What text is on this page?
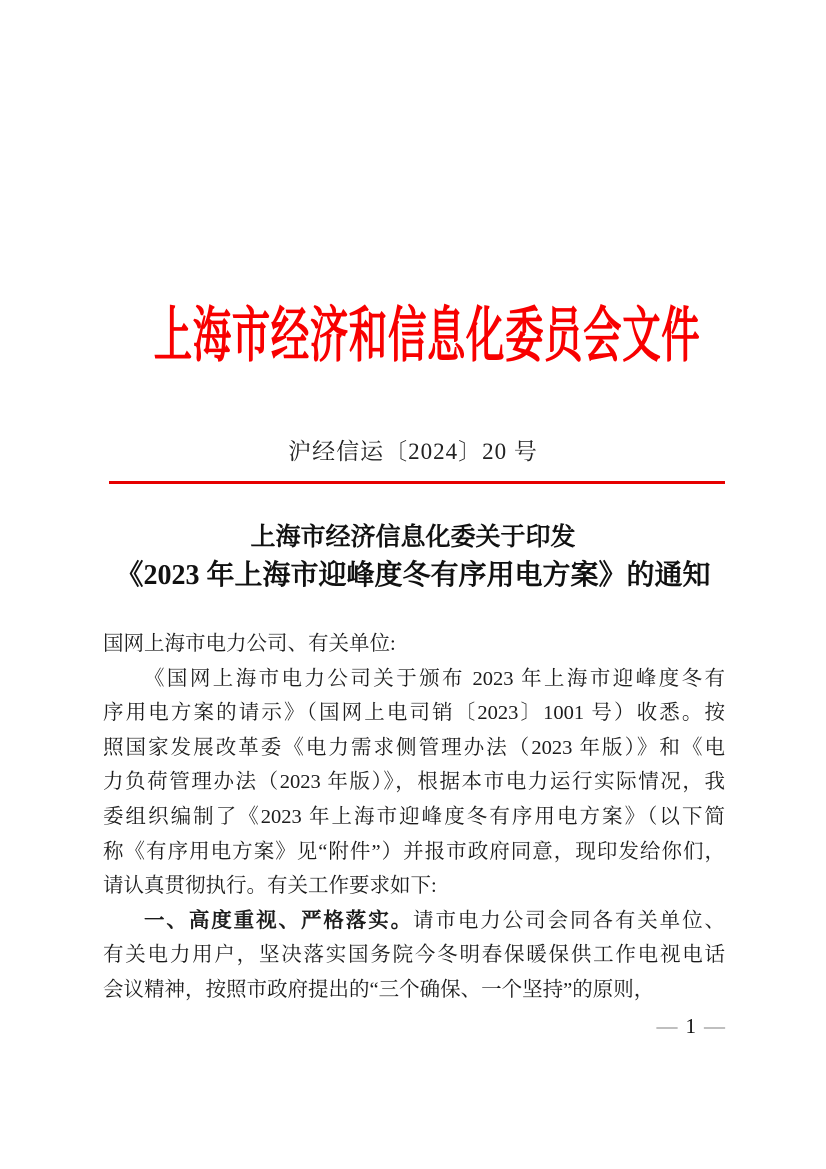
上海市经济和信息化委员会文件
沪经信运〔2024〕20 号
上海市经济信息化委关于印发
《2023 年上海市迎峰度冬有序用电方案》的通知
国网上海市电力公司、有关单位:
《国网上海市电力公司关于颁布 2023 年上海市迎峰度冬有
序用电方案的请示》（国网上电司销〔2023〕1001 号）收悉。按
照国家发展改革委《电力需求侧管理办法（2023 年版）》和《电
力负荷管理办法（2023 年版）》，根据本市电力运行实际情况，我
委组织编制了《2023 年上海市迎峰度冬有序用电方案》（以下简
称《有序用电方案》见“附件”）并报市政府同意，现印发给你们，
请认真贯彻执行。有关工作要求如下:
一、高度重视、严格落实。请市电力公司会同各有关单位、
有关电力用户，坚决落实国务院今冬明春保暖保供工作电视电话
会议精神，按照市政府提出的“三个确保、一个坚持”的原则，
— 1 —
